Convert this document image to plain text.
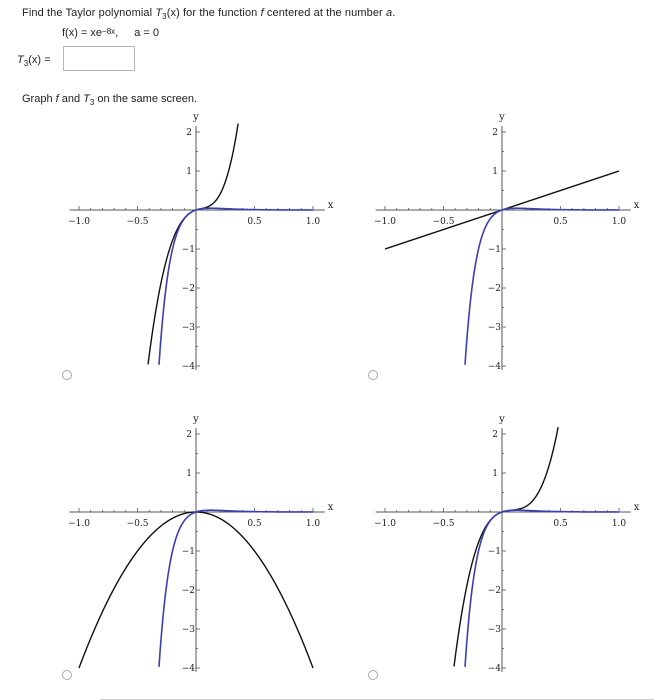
Find the Taylor polynomial $T_3(x)$ for the function f centered at the number a.
$f(x) = xe^{-8x}$, a = 0
$T_3(x)$ =
Graph f and $T_3$ on the same screen.
−1.0	−0.5	0.5	1.0
2
1
−1
−2
−3
−4
x
y
−1.0	−0.5	0.5	1.0
2
1
−1
−2
−3
−4
x
y
−1.0	−0.5	0.5	1.0
2
1
−1
−2
−3
−4
x
y
−1.0	−0.5	0.5	1.0
2
1
−1
−2
−3
−4
x
y
